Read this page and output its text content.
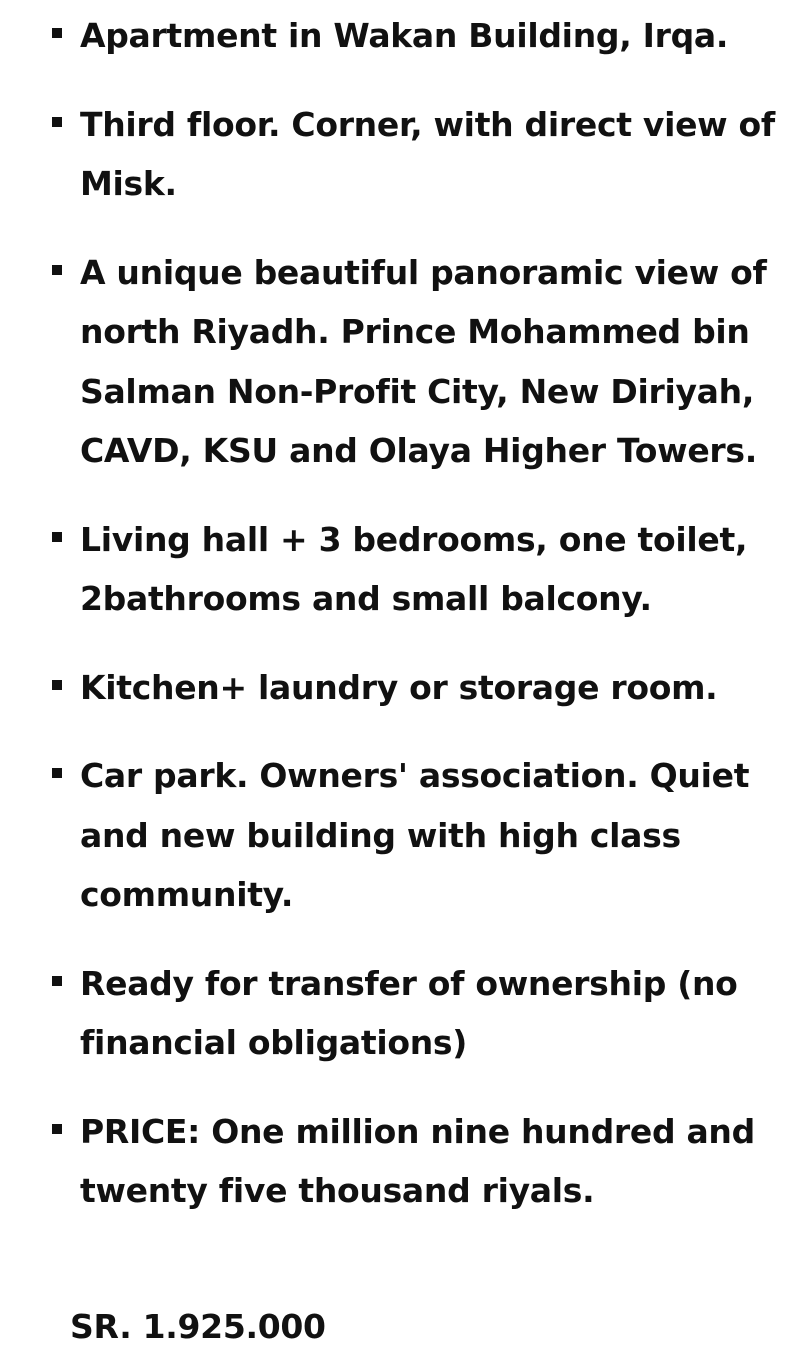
Apartment in Wakan Building, Irqa.
Third floor. Corner, with direct view of Misk.
A unique beautiful panoramic view of north Riyadh. Prince Mohammed bin Salman Non-Profit City, New Diriyah, CAVD, KSU and Olaya Higher Towers.
Living hall + 3 bedrooms, one toilet, 2bathrooms and small balcony.
Kitchen+ laundry or storage room.
Car park. Owners' association. Quiet and new building with high class community.
Ready for transfer of ownership (no financial obligations)
PRICE: One million nine hundred and twenty five thousand riyals.
SR. 1.925.000
